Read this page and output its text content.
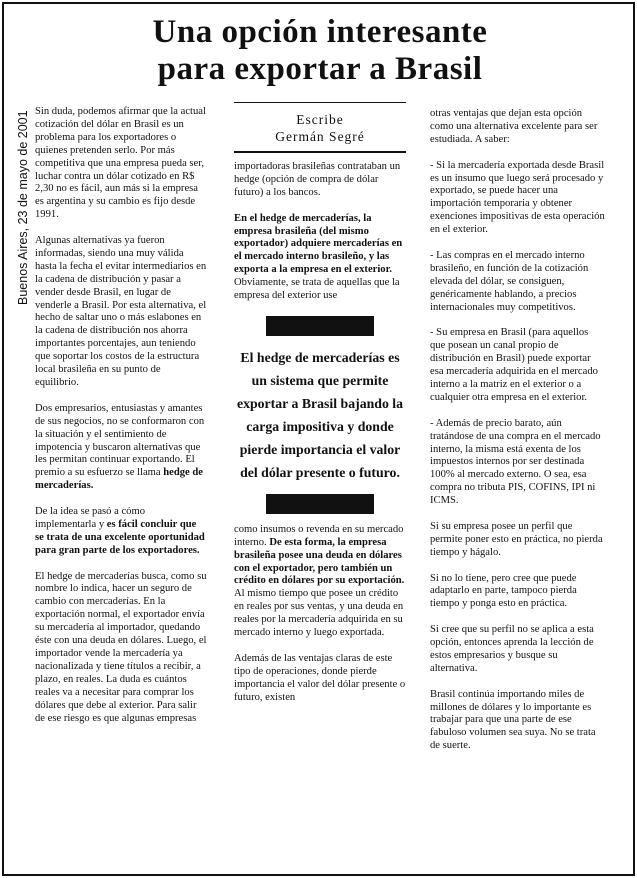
Una opción interesante
para exportar a Brasil
Buenos Aires, 23 de mayo de 2001 Sin duda, podemos afirmar que la actual cotización del dólar en Brasil es un problema para los exportadores o quienes pretenden serlo. Por más competitiva que una empresa pueda ser, luchar contra un dólar cotizado en R$ 2,30 no es fácil, aun más si la empresa es argentina y su cambio es fijo desde 1991.

Algunas alternativas ya fueron informadas, siendo una muy válida hasta la fecha el evitar intermediarios en la cadena de distribución y pasar a vender desde Brasil, en lugar de venderle a Brasil. Por esta alternativa, el hecho de saltar uno o más eslabones en la cadena de distribución nos ahorra importantes porcentajes, aun teniendo que soportar los costos de la estructura local brasileña en su punto de equilibrio.

Dos empresarios, entusiastas y amantes de sus negocios, no se conformaron con la situación y el sentimiento de impotencia y buscaron alternativas que les permitan continuar exportando. El premio a su esfuerzo se llama hedge de mercaderías.

De la idea se pasó a cómo implementarla y es fácil concluir que se trata de una excelente oportunidad para gran parte de los exportadores.

El hedge de mercaderías busca, como su nombre lo indica, hacer un seguro de cambio con mercaderías. En la exportación normal, el exportador envía su mercadería al importador, quedando éste con una deuda en dólares. Luego, el importador vende la mercadería ya nacionalizada y tiene títulos a recibir, a plazo, en reales. La duda es cuántos reales va a necesitar para comprar los dólares que debe al exterior. Para salir de ese riesgo es que algunas empresas

Escribe
Germán Segré

importadoras brasileñas contrataban un hedge (opción de compra de dólar futuro) a los bancos.

En el hedge de mercaderías, la empresa brasileña (del mismo exportador) adquiere mercaderías en el mercado interno brasileño, y las exporta a la empresa en el exterior. Obviamente, se trata de aquellas que la empresa del exterior use

El hedge de mercaderías es un sistema que permite exportar a Brasil bajando la carga impositiva y donde pierde importancia el valor del dólar presente o futuro.

como insumos o revenda en su mercado interno. De esta forma, la empresa brasileña posee una deuda en dólares con el exportador, pero también un crédito en dólares por su exportación. Al mismo tiempo que posee un crédito en reales por sus ventas, y una deuda en reales por la mercadería adquirida en su mercado interno y luego exportada.

Además de las ventajas claras de este tipo de operaciones, donde pierde importancia el valor del dólar presente o futuro, existen

otras ventajas que dejan esta opción como una alternativa excelente para ser estudiada. A saber:

- Si la mercadería exportada desde Brasil es un insumo que luego será procesado y exportado, se puede hacer una importación temporaria y obtener exenciones impositivas de esta operación en el exterior.

- Las compras en el mercado interno brasileño, en función de la cotización elevada del dólar, se consiguen, genéricamente hablando, a precios internacionales muy competitivos.

- Su empresa en Brasil (para aquellos que posean un canal propio de distribución en Brasil) puede exportar esa mercadería adquirida en el mercado interno a la matriz en el exterior o a cualquier otra empresa en el exterior.

- Además de precio barato, aún tratándose de una compra en el mercado interno, la misma está exenta de los impuestos internos por ser destinada 100% al mercado externo. O sea, esa compra no tributa PIS, COFINS, IPI ni ICMS.

Si su empresa posee un perfil que permite poner esto en práctica, no pierda tiempo y hágalo.

Si no lo tiene, pero cree que puede adaptarlo en parte, tampoco pierda tiempo y ponga esto en práctica.

Si cree que su perfil no se aplica a esta opción, entonces aprenda la lección de estos empresarios y busque su alternativa.

Brasil continúa importando miles de millones de dólares y lo importante es trabajar para que una parte de ese fabuloso volumen sea suya. No se trata de suerte.
